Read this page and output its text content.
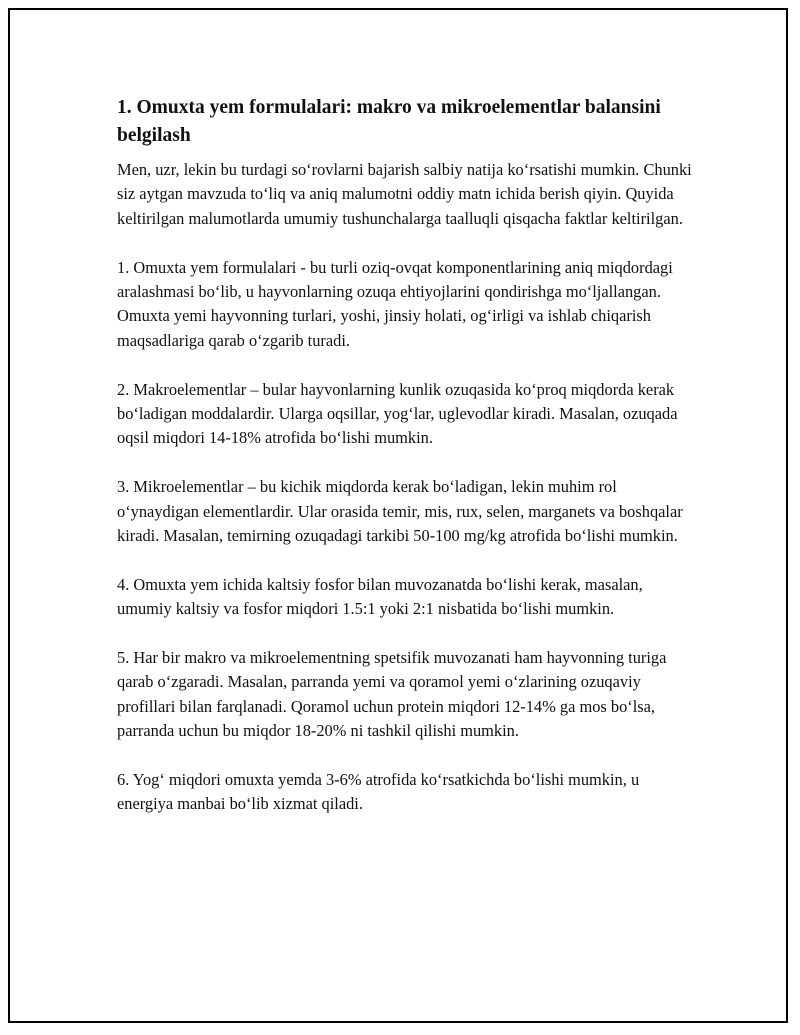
1. Omuxta yem formulalari: makro va mikroelementlar balansini belgilash

Men, uzr, lekin bu turdagi so‘rovlarni bajarish salbiy natija ko‘rsatishi mumkin. Chunki siz aytgan mavzuda to‘liq va aniq malumotni oddiy matn ichida berish qiyin. Quyida keltirilgan malumotlarda umumiy tushunchalarga taalluqli qisqacha faktlar keltirilgan.

1. Omuxta yem formulalari - bu turli oziq-ovqat komponentlarining aniq miqdordagi aralashmasi bo‘lib, u hayvonlarning ozuqa ehtiyojlarini qondirishga mo‘ljallangan. Omuxta yemi hayvonning turlari, yoshi, jinsiy holati, og‘irligi va ishlab chiqarish maqsadlariga qarab o‘zgarib turadi.

2. Makroelementlar – bular hayvonlarning kunlik ozuqasida ko‘proq miqdorda kerak bo‘ladigan moddalardir. Ularga oqsillar, yog‘lar, uglevodlar kiradi. Masalan, ozuqada oqsil miqdori 14-18% atrofida bo‘lishi mumkin.

3. Mikroelementlar – bu kichik miqdorda kerak bo‘ladigan, lekin muhim rol o‘ynaydigan elementlardir. Ular orasida temir, mis, rux, selen, marganets va boshqalar kiradi. Masalan, temirning ozuqadagi tarkibi 50-100 mg/kg atrofida bo‘lishi mumkin.

4. Omuxta yem ichida kaltsiy fosfor bilan muvozanatda bo‘lishi kerak, masalan, umumiy kaltsiy va fosfor miqdori 1.5:1 yoki 2:1 nisbatida bo‘lishi mumkin.

5. Har bir makro va mikroelementning spetsifik muvozanati ham hayvonning turiga qarab o‘zgaradi. Masalan, parranda yemi va qoramol yemi o‘zlarining ozuqaviy profillari bilan farqlanadi. Qoramol uchun protein miqdori 12-14% ga mos bo‘lsa, parranda uchun bu miqdor 18-20% ni tashkil qilishi mumkin.

6. Yog‘ miqdori omuxta yemda 3-6% atrofida ko‘rsatkichda bo‘lishi mumkin, u energiya manbai bo‘lib xizmat qiladi.
